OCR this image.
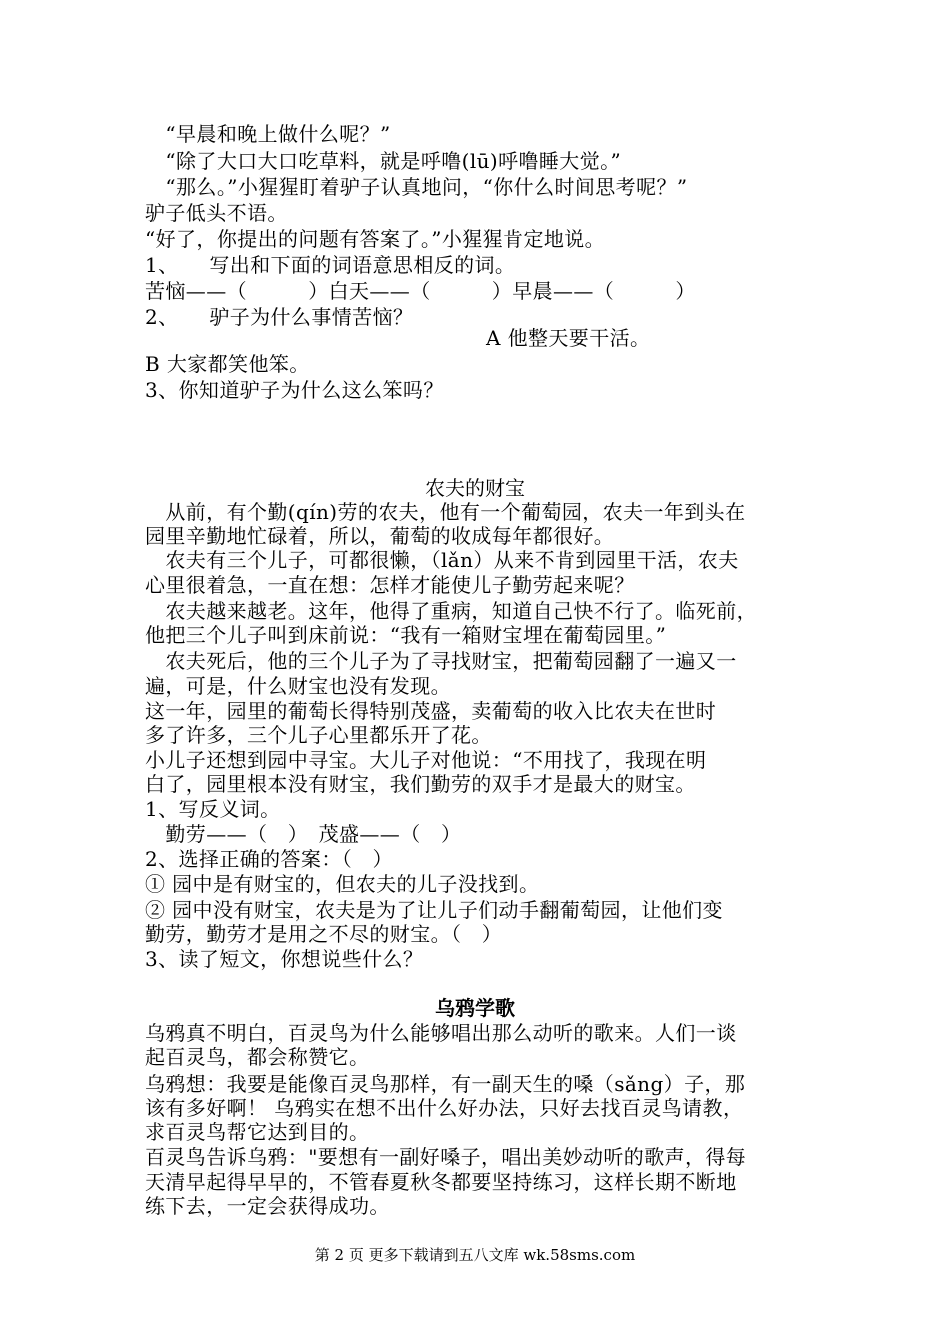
　“早晨和晚上做什么呢？”
　“除了大口大口吃草料，就是呼噜(lū)呼噜睡大觉。”
　“那么。”小猩猩盯着驴子认真地问，“你什么时间思考呢？”
驴子低头不语。
“好了，你提出的问题有答案了。”小猩猩肯定地说。
1、　　写出和下面的词语意思相反的词。
苦恼——（　　　）白天——（　　　）早晨——（　　　）
2、　　驴子为什么事情苦恼？
A 他整天要干活。
B 大家都笑他笨。
3、你知道驴子为什么这么笨吗？
农夫的财宝
　从前，有个勤(qín)劳的农夫，他有一个葡萄园，农夫一年到头在
园里辛勤地忙碌着，所以，葡萄的收成每年都很好。
　农夫有三个儿子，可都很懒，（lǎn）从来不肯到园里干活，农夫
心里很着急，一直在想：怎样才能使儿子勤劳起来呢？
　农夫越来越老。这年，他得了重病，知道自己快不行了。临死前，
他把三个儿子叫到床前说：“我有一箱财宝埋在葡萄园里。”
　农夫死后，他的三个儿子为了寻找财宝，把葡萄园翻了一遍又一
遍，可是，什么财宝也没有发现。
这一年，园里的葡萄长得特别茂盛，卖葡萄的收入比农夫在世时
多了许多，三个儿子心里都乐开了花。
小儿子还想到园中寻宝。大儿子对他说：“不用找了，我现在明
白了，园里根本没有财宝，我们勤劳的双手才是最大的财宝。
1、写反义词。
　勤劳——（　）　茂盛——（　）
2、选择正确的答案：（　）
① 园中是有财宝的，但农夫的儿子没找到。
② 园中没有财宝，农夫是为了让儿子们动手翻葡萄园，让他们变
勤劳，勤劳才是用之不尽的财宝。（　）
3、读了短文，你想说些什么？
乌鸦学歌
乌鸦真不明白，百灵鸟为什么能够唱出那么动听的歌来。人们一谈
起百灵鸟，都会称赞它。
乌鸦想：我要是能像百灵鸟那样，有一副天生的嗓（sǎng）子，那
该有多好啊！ 乌鸦实在想不出什么好办法，只好去找百灵鸟请教，
求百灵鸟帮它达到目的。
百灵鸟告诉乌鸦："要想有一副好嗓子，唱出美妙动听的歌声，得每
天清早起得早早的，不管春夏秋冬都要坚持练习，这样长期不断地
练下去，一定会获得成功。
第 2 页 更多下载请到五八文库 wk.58sms.com
